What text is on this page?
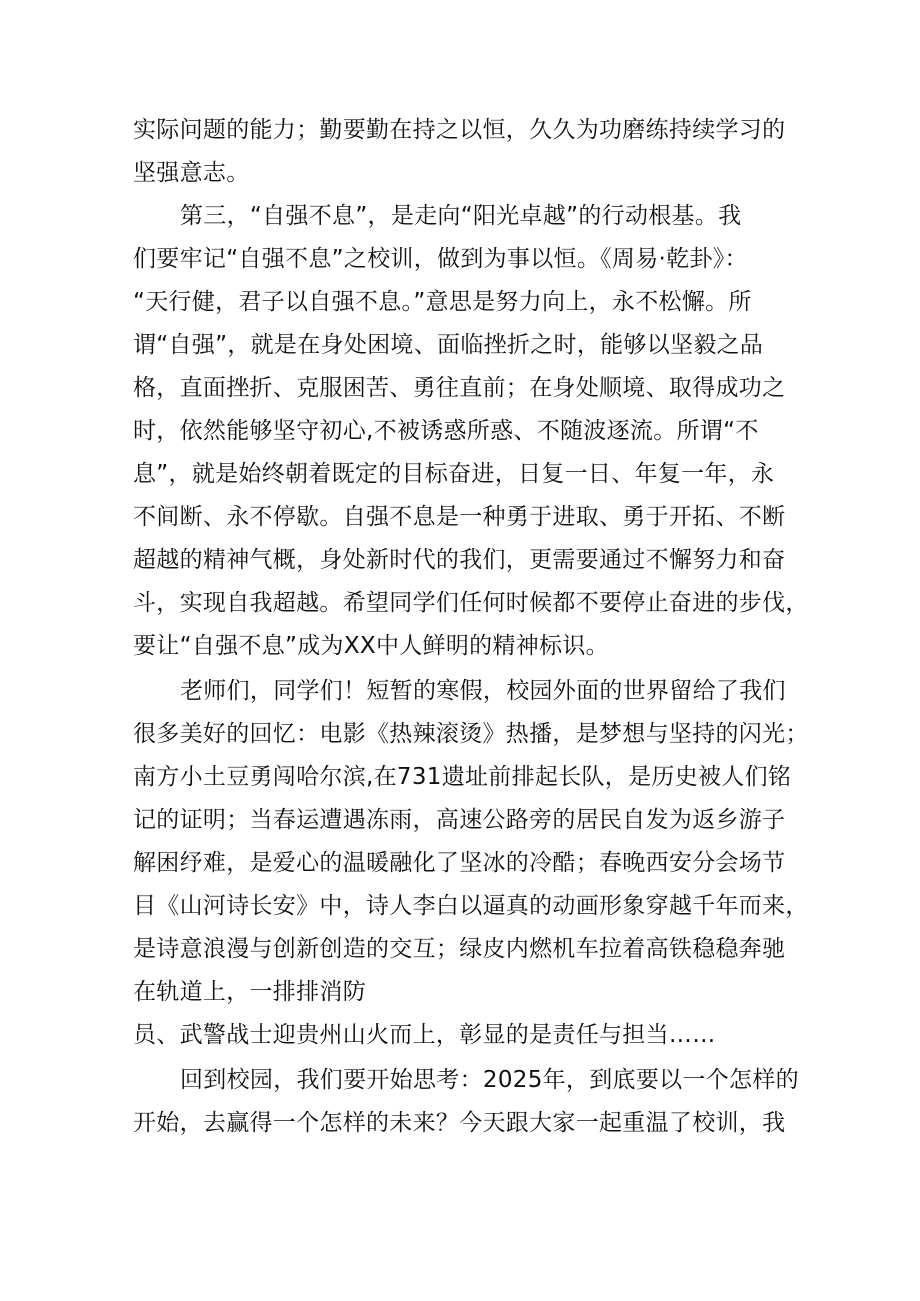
实际问题的能力；勤要勤在持之以恒，久久为功磨练持续学习的
坚强意志。
第三，“自强不息”，是走向“阳光卓越”的行动根基。我
们要牢记“自强不息”之校训，做到为事以恒。《周易·乾卦》：
“天行健，君子以自强不息。”意思是努力向上，永不松懈。所
谓“自强”，就是在身处困境、面临挫折之时，能够以坚毅之品
格，直面挫折、克服困苦、勇往直前；在身处顺境、取得成功之
时，依然能够坚守初心,不被诱惑所惑、不随波逐流。所谓“不
息”，就是始终朝着既定的目标奋进，日复一日、年复一年，永
不间断、永不停歇。自强不息是一种勇于进取、勇于开拓、不断
超越的精神气概，身处新时代的我们，更需要通过不懈努力和奋
斗，实现自我超越。希望同学们任何时候都不要停止奋进的步伐，
要让“自强不息”成为XX中人鲜明的精神标识。
老师们，同学们！短暂的寒假，校园外面的世界留给了我们
很多美好的回忆：电影《热辣滚烫》热播，是梦想与坚持的闪光；
南方小土豆勇闯哈尔滨,在731遗址前排起长队，是历史被人们铭
记的证明；当春运遭遇冻雨，高速公路旁的居民自发为返乡游子
解困纾难，是爱心的温暖融化了坚冰的冷酷；春晚西安分会场节
目《山河诗长安》中，诗人李白以逼真的动画形象穿越千年而来，
是诗意浪漫与创新创造的交互；绿皮内燃机车拉着高铁稳稳奔驰
在轨道上，一排排消防
员、武警战士迎贵州山火而上，彰显的是责任与担当……
回到校园，我们要开始思考：2025年，到底要以一个怎样的
开始，去赢得一个怎样的未来？今天跟大家一起重温了校训，我
